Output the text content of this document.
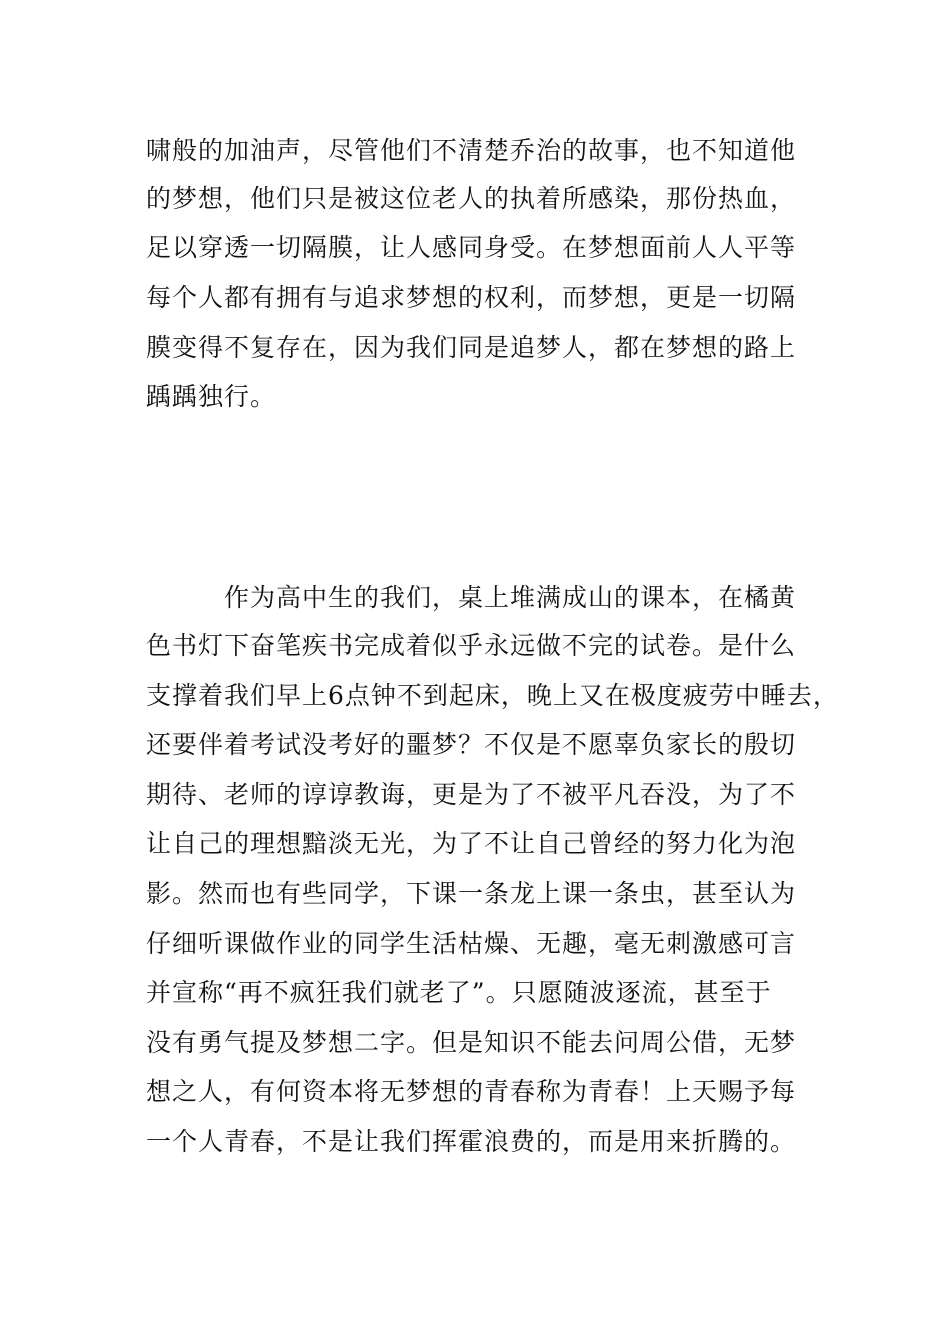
啸般的加油声，尽管他们不清楚乔治的故事，也不知道他
的梦想，他们只是被这位老人的执着所感染，那份热血，
足以穿透一切隔膜，让人感同身受。在梦想面前人人平等
每个人都有拥有与追求梦想的权利，而梦想，更是一切隔
膜变得不复存在，因为我们同是追梦人，都在梦想的路上
踽踽独行。
　　　作为高中生的我们，桌上堆满成山的课本，在橘黄
色书灯下奋笔疾书完成着似乎永远做不完的试卷。是什么
支撑着我们早上6点钟不到起床，晚上又在极度疲劳中睡去，
还要伴着考试没考好的噩梦？不仅是不愿辜负家长的殷切
期待、老师的谆谆教诲，更是为了不被平凡吞没，为了不
让自己的理想黯淡无光，为了不让自己曾经的努力化为泡
影。然而也有些同学，下课一条龙上课一条虫，甚至认为
仔细听课做作业的同学生活枯燥、无趣，毫无刺激感可言
并宣称“再不疯狂我们就老了”。只愿随波逐流，甚至于
没有勇气提及梦想二字。但是知识不能去问周公借，无梦
想之人，有何资本将无梦想的青春称为青春！上天赐予每
一个人青春，不是让我们挥霍浪费的，而是用来折腾的。
